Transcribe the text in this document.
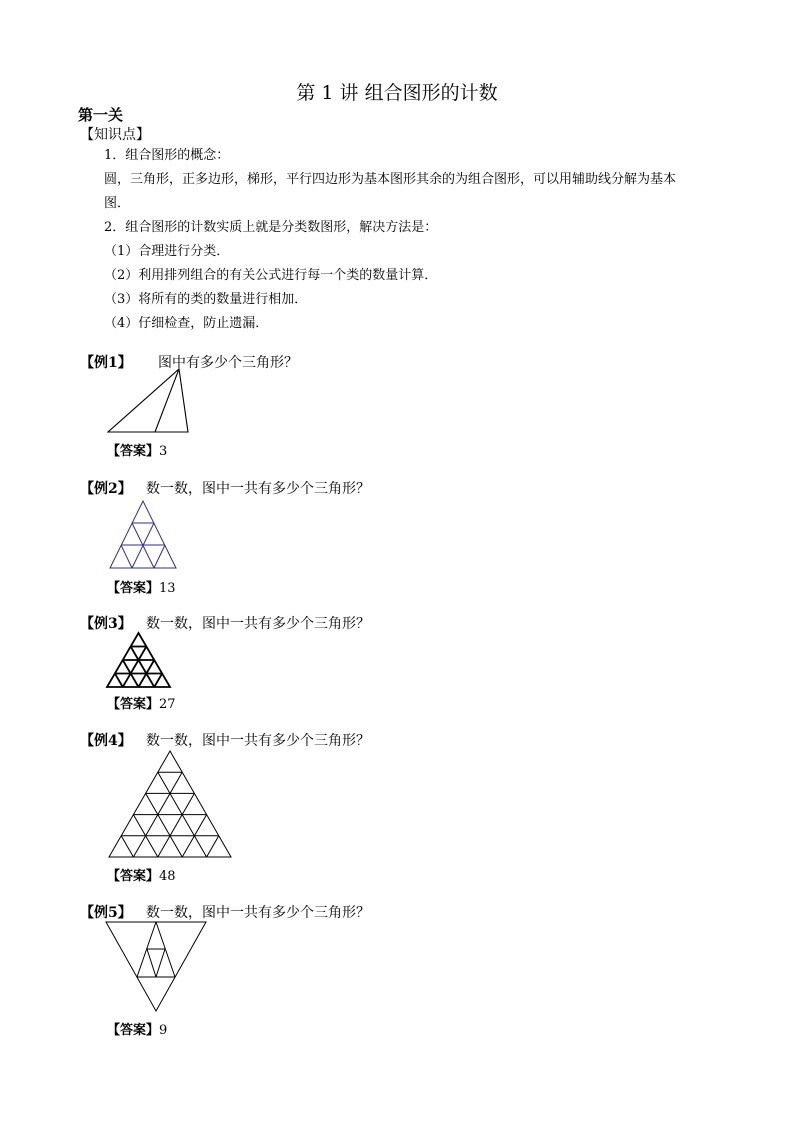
第 1 讲 组合图形的计数
第一关
【知识点】
1．组合图形的概念：
圆，三角形，正多边形，梯形，平行四边形为基本图形其余的为组合图形，可以用辅助线分解为基本
图．
2．组合图形的计数实质上就是分类数图形，解决方法是：
（1）合理进行分类．
（2）利用排列组合的有关公式进行每一个类的数量计算．
（3）将所有的类的数量进行相加．
（4）仔细检查，防止遗漏．
【例1】 图中有多少个三角形？
【答案】3
【例2】 数一数，图中一共有多少个三角形？
【答案】13
【例3】 数一数，图中一共有多少个三角形？
【答案】27
【例4】 数一数，图中一共有多少个三角形？
【答案】48
【例5】 数一数，图中一共有多少个三角形？
【答案】9
